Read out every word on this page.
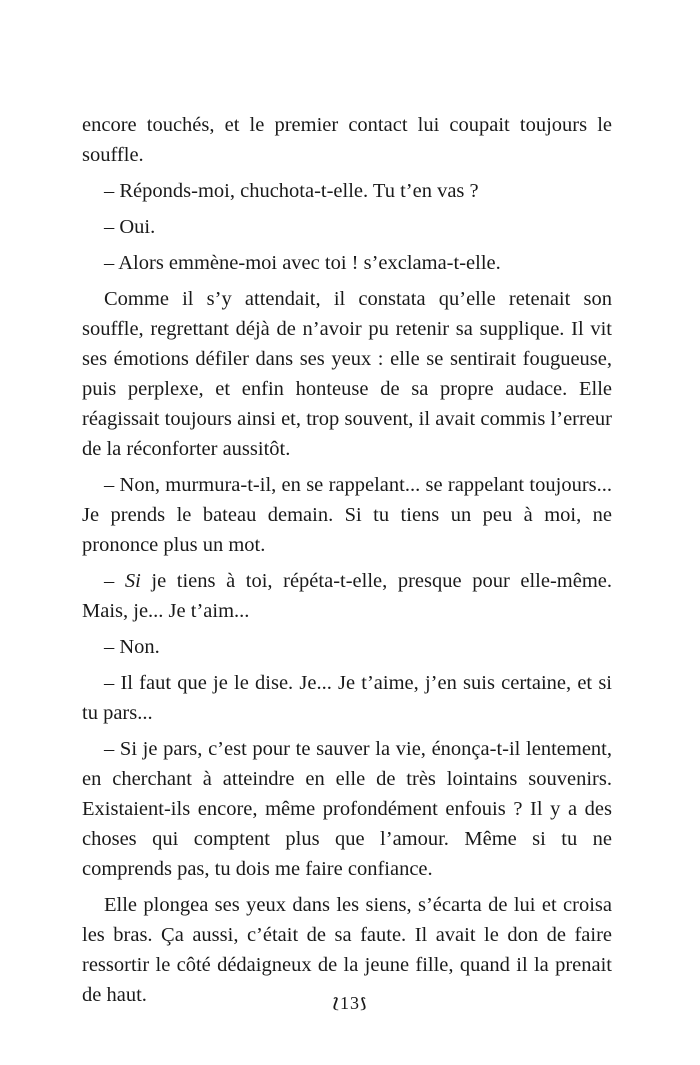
encore touchés, et le premier contact lui coupait toujours le souffle.

– Réponds-moi, chuchota-t-elle. Tu t’en vas ?

– Oui.

– Alors emmène-moi avec toi ! s’exclama-t-elle.

Comme il s’y attendait, il constata qu’elle retenait son souffle, regrettant déjà de n’avoir pu retenir sa supplique. Il vit ses émotions défiler dans ses yeux : elle se sentirait fougueuse, puis perplexe, et enfin honteuse de sa propre audace. Elle réagissait toujours ainsi et, trop souvent, il avait commis l’erreur de la réconforter aussitôt.

– Non, murmura-t-il, en se rappelant... se rappelant toujours... Je prends le bateau demain. Si tu tiens un peu à moi, ne prononce plus un mot.

– Si je tiens à toi, répéta-t-elle, presque pour elle-même. Mais, je... Je t’aim...

– Non.

– Il faut que je le dise. Je... Je t’aime, j’en suis certaine, et si tu pars...

– Si je pars, c’est pour te sauver la vie, énonça-t-il lentement, en cherchant à atteindre en elle de très lointains souvenirs. Existaient-ils encore, même profondément enfouis ? Il y a des choses qui comptent plus que l’amour. Même si tu ne comprends pas, tu dois me faire confiance.

Elle plongea ses yeux dans les siens, s’écarta de lui et croisa les bras. Ça aussi, c’était de sa faute. Il avait le don de faire ressortir le côté dédaigneux de la jeune fille, quand il la prenait de haut.	⟅13⟆
